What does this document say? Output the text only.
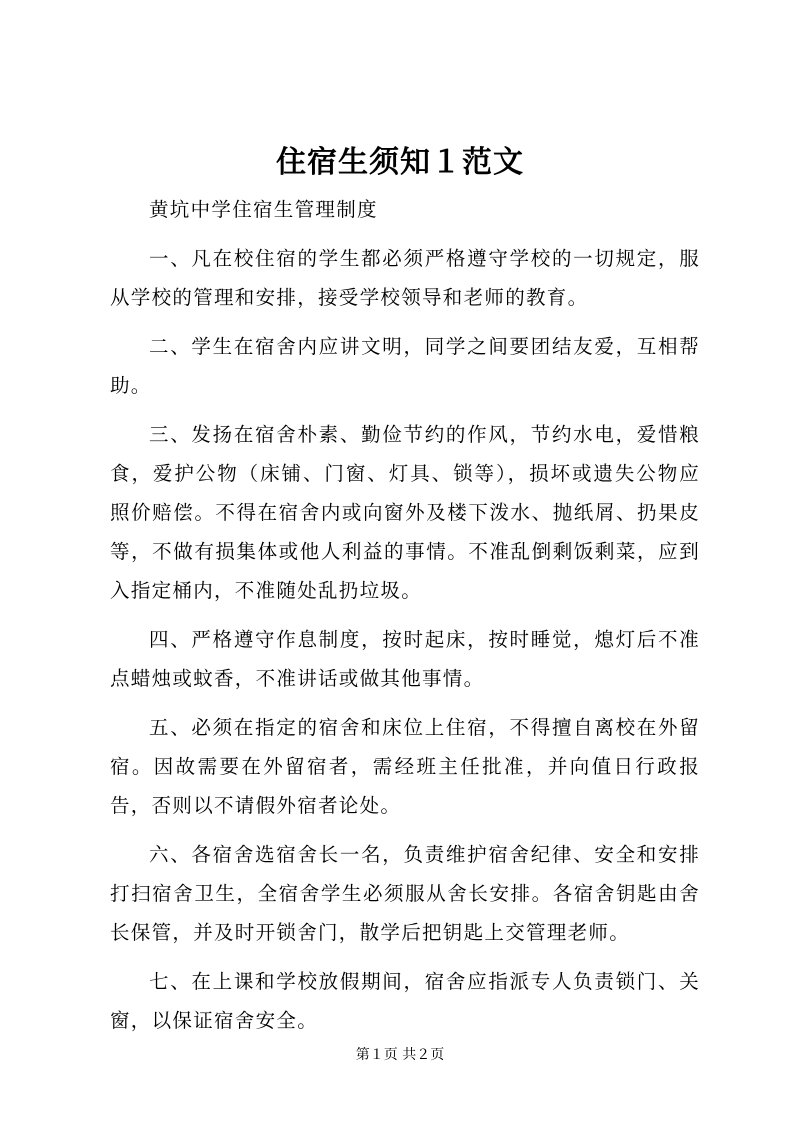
住宿生须知１范文

黄坑中学住宿生管理制度

一、凡在校住宿的学生都必须严格遵守学校的一切规定，服从学校的管理和安排，接受学校领导和老师的教育。

二、学生在宿舍内应讲文明，同学之间要团结友爱，互相帮助。

三、发扬在宿舍朴素、勤俭节约的作风，节约水电，爱惜粮食，爱护公物（床铺、门窗、灯具、锁等），损坏或遗失公物应照价赔偿。不得在宿舍内或向窗外及楼下泼水、抛纸屑、扔果皮等，不做有损集体或他人利益的事情。不准乱倒剩饭剩菜，应到入指定桶内，不准随处乱扔垃圾。

四、严格遵守作息制度，按时起床，按时睡觉，熄灯后不准点蜡烛或蚊香，不准讲话或做其他事情。

五、必须在指定的宿舍和床位上住宿，不得擅自离校在外留宿。因故需要在外留宿者，需经班主任批准，并向值日行政报告，否则以不请假外宿者论处。

六、各宿舍选宿舍长一名，负责维护宿舍纪律、安全和安排打扫宿舍卫生，全宿舍学生必须服从舍长安排。各宿舍钥匙由舍长保管，并及时开锁舍门，散学后把钥匙上交管理老师。

七、在上课和学校放假期间，宿舍应指派专人负责锁门、关窗，以保证宿舍安全。

第１页 共２页
